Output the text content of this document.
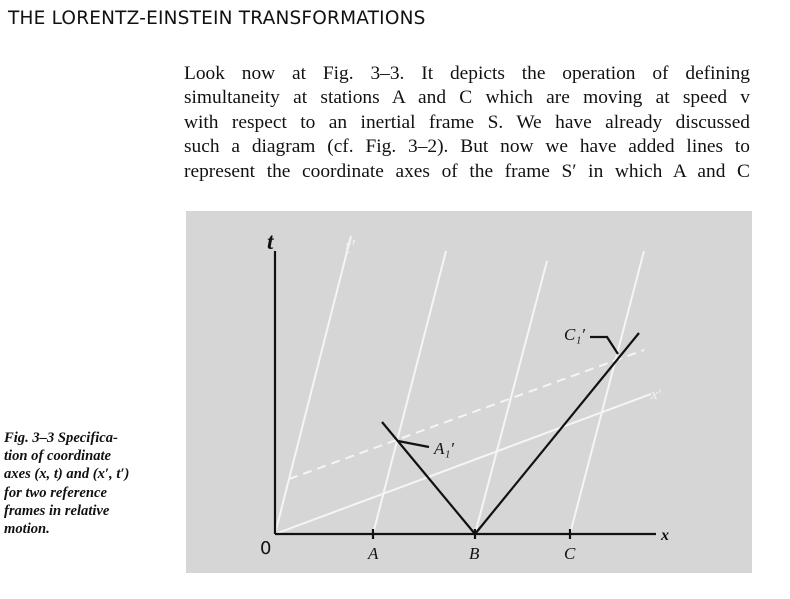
THE LORENTZ-EINSTEIN TRANSFORMATIONS
Look now at Fig. 3–3. It depicts the operation of defining
simultaneity at stations A and C which are moving at speed v
with respect to an inertial frame S. We have already discussed
such a diagram (cf. Fig. 3–2). But now we have added lines to
represent the coordinate axes of the frame S′ in which A and C
t	t′
x
x′
0	A	B	C
A₁′
C₁′
Fig. 3–3 Specifica-
tion of coordinate
axes (x, t) and (x′, t′)
for two reference
frames in relative
motion.
